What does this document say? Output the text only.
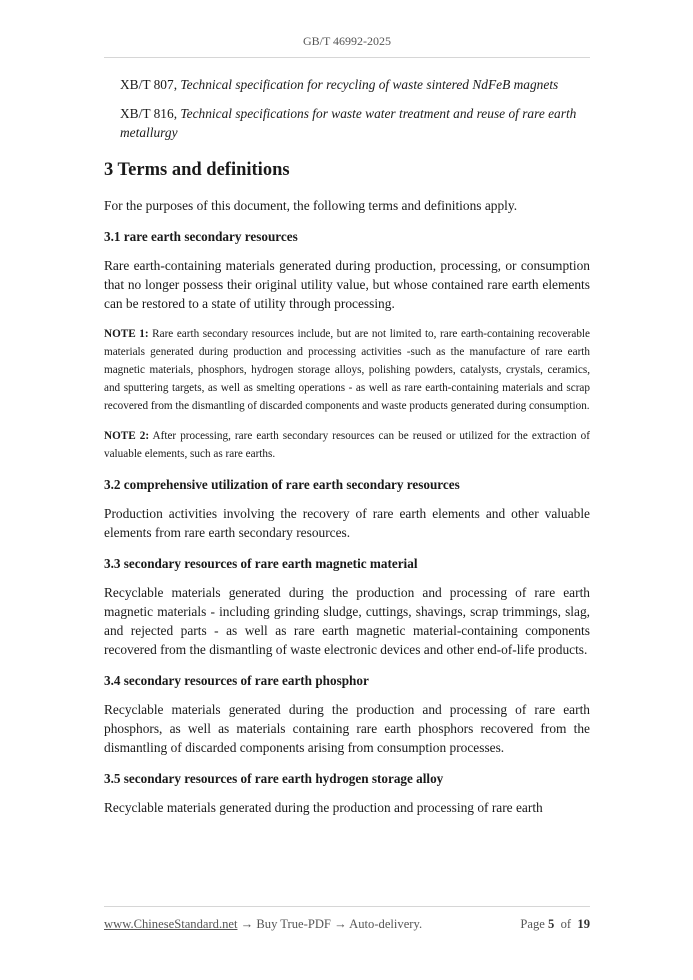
GB/T 46992-2025

XB/T 807, Technical specification for recycling of waste sintered NdFeB magnets

XB/T 816, Technical specifications for waste water treatment and reuse of rare earth metallurgy

3 Terms and definitions

For the purposes of this document, the following terms and definitions apply.

3.1 rare earth secondary resources

Rare earth-containing materials generated during production, processing, or consumption that no longer possess their original utility value, but whose contained rare earth elements can be restored to a state of utility through processing.

NOTE 1: Rare earth secondary resources include, but are not limited to, rare earth-containing recoverable materials generated during production and processing activities -such as the manufacture of rare earth magnetic materials, phosphors, hydrogen storage alloys, polishing powders, catalysts, crystals, ceramics, and sputtering targets, as well as smelting operations - as well as rare earth-containing materials and scrap recovered from the dismantling of discarded components and waste products generated during consumption.

NOTE 2: After processing, rare earth secondary resources can be reused or utilized for the extraction of valuable elements, such as rare earths.

3.2 comprehensive utilization of rare earth secondary resources

Production activities involving the recovery of rare earth elements and other valuable elements from rare earth secondary resources.

3.3 secondary resources of rare earth magnetic material

Recyclable materials generated during the production and processing of rare earth magnetic materials - including grinding sludge, cuttings, shavings, scrap trimmings, slag, and rejected parts - as well as rare earth magnetic material-containing components recovered from the dismantling of waste electronic devices and other end-of-life products.

3.4 secondary resources of rare earth phosphor

Recyclable materials generated during the production and processing of rare earth phosphors, as well as materials containing rare earth phosphors recovered from the dismantling of discarded components arising from consumption processes.

3.5 secondary resources of rare earth hydrogen storage alloy

Recyclable materials generated during the production and processing of rare earth

www.ChineseStandard.net → Buy True-PDF → Auto-delivery.	Page 5 of 19
